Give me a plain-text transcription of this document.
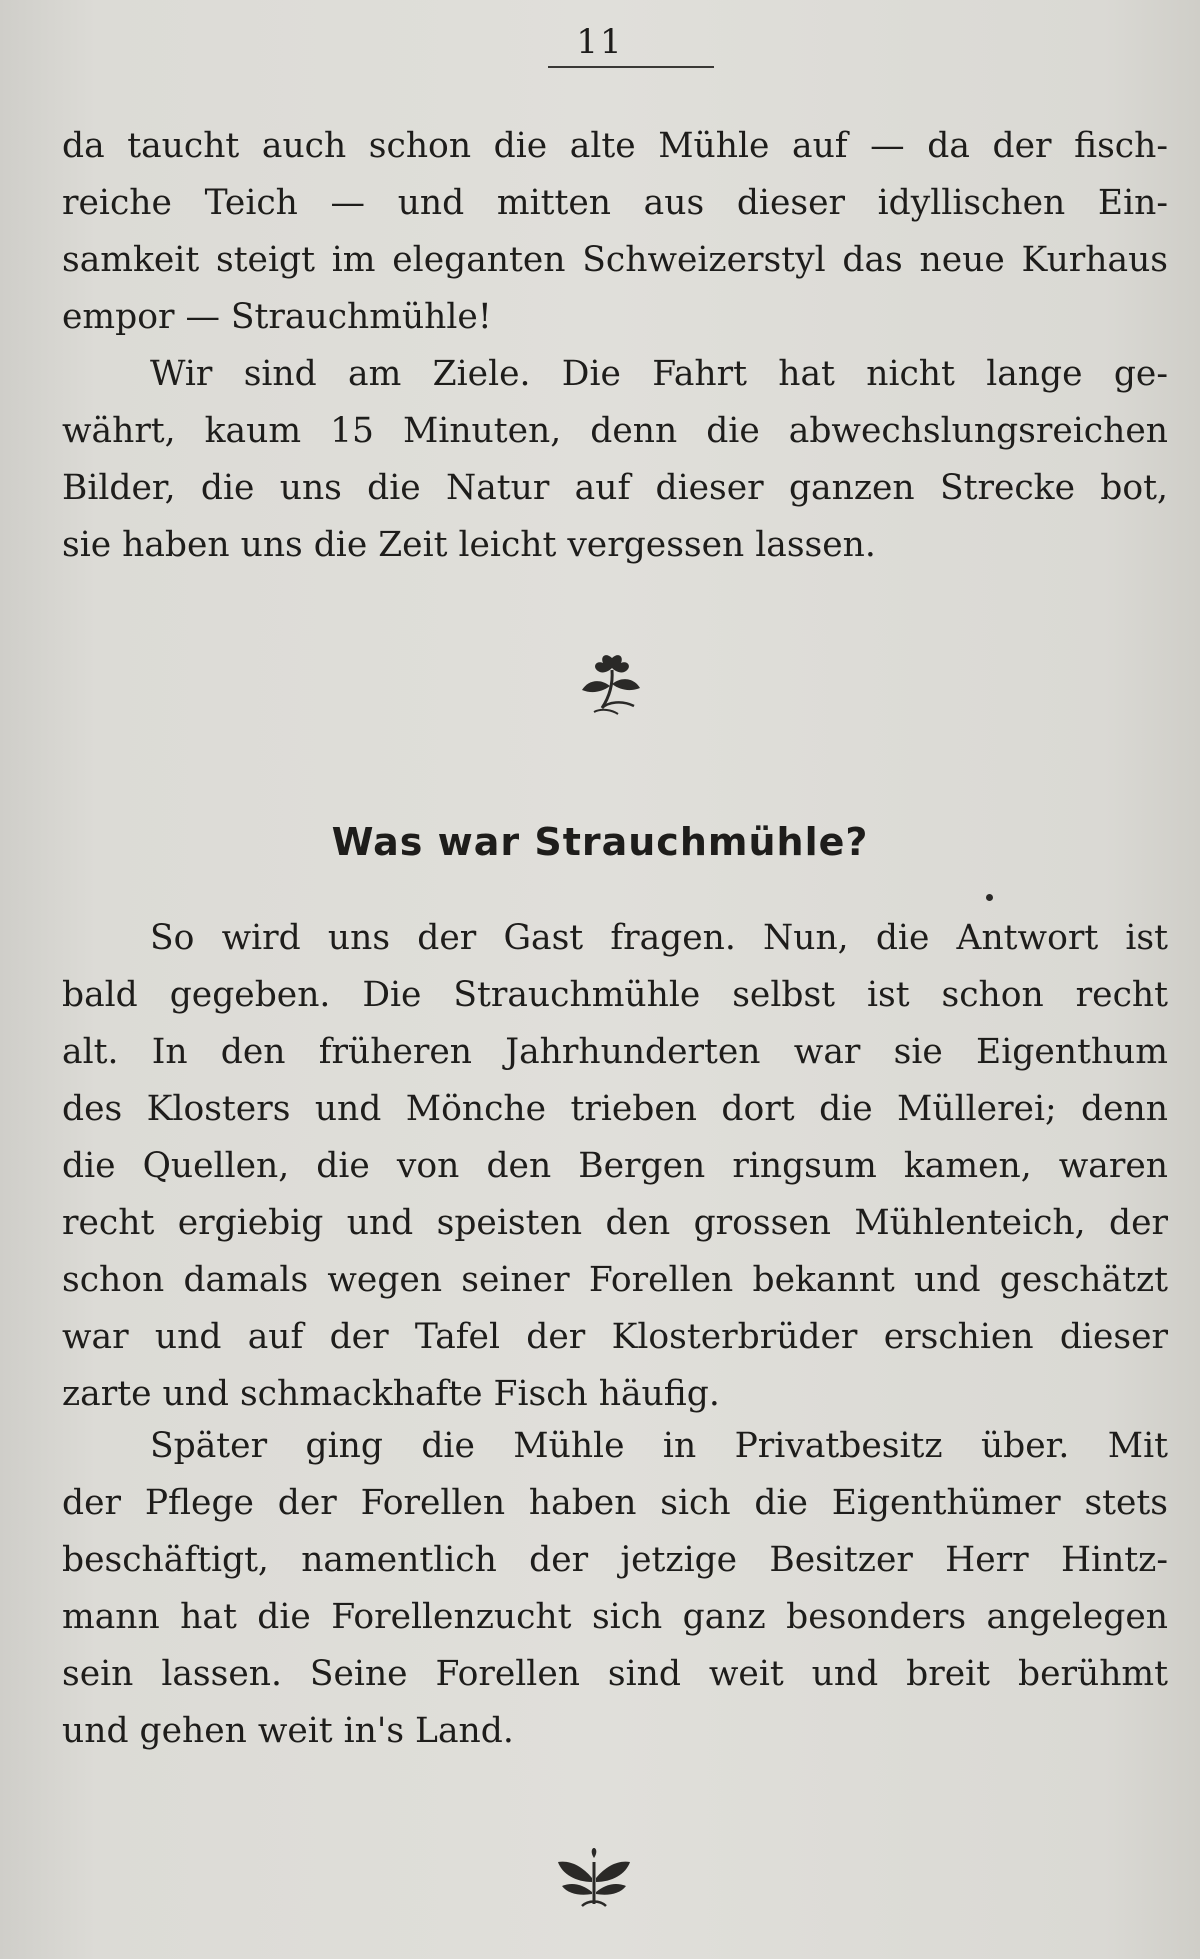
11
da taucht auch schon die alte Mühle auf — da der fisch-
reiche Teich — und mitten aus dieser idyllischen Ein-
samkeit steigt im eleganten Schweizerstyl das neue Kurhaus
empor — Strauchmühle!
Wir sind am Ziele. Die Fahrt hat nicht lange ge-
währt, kaum 15 Minuten, denn die abwechslungsreichen
Bilder, die uns die Natur auf dieser ganzen Strecke bot,
sie haben uns die Zeit leicht vergessen lassen.
Was war Strauchmühle?
So wird uns der Gast fragen. Nun, die Antwort ist
bald gegeben. Die Strauchmühle selbst ist schon recht
alt. In den früheren Jahrhunderten war sie Eigenthum
des Klosters und Mönche trieben dort die Müllerei; denn
die Quellen, die von den Bergen ringsum kamen, waren
recht ergiebig und speisten den grossen Mühlenteich, der
schon damals wegen seiner Forellen bekannt und geschätzt
war und auf der Tafel der Klosterbrüder erschien dieser
zarte und schmackhafte Fisch häufig.
Später ging die Mühle in Privatbesitz über. Mit
der Pflege der Forellen haben sich die Eigenthümer stets
beschäftigt, namentlich der jetzige Besitzer Herr Hintz-
mann hat die Forellenzucht sich ganz besonders angelegen
sein lassen. Seine Forellen sind weit und breit berühmt
und gehen weit in's Land.
